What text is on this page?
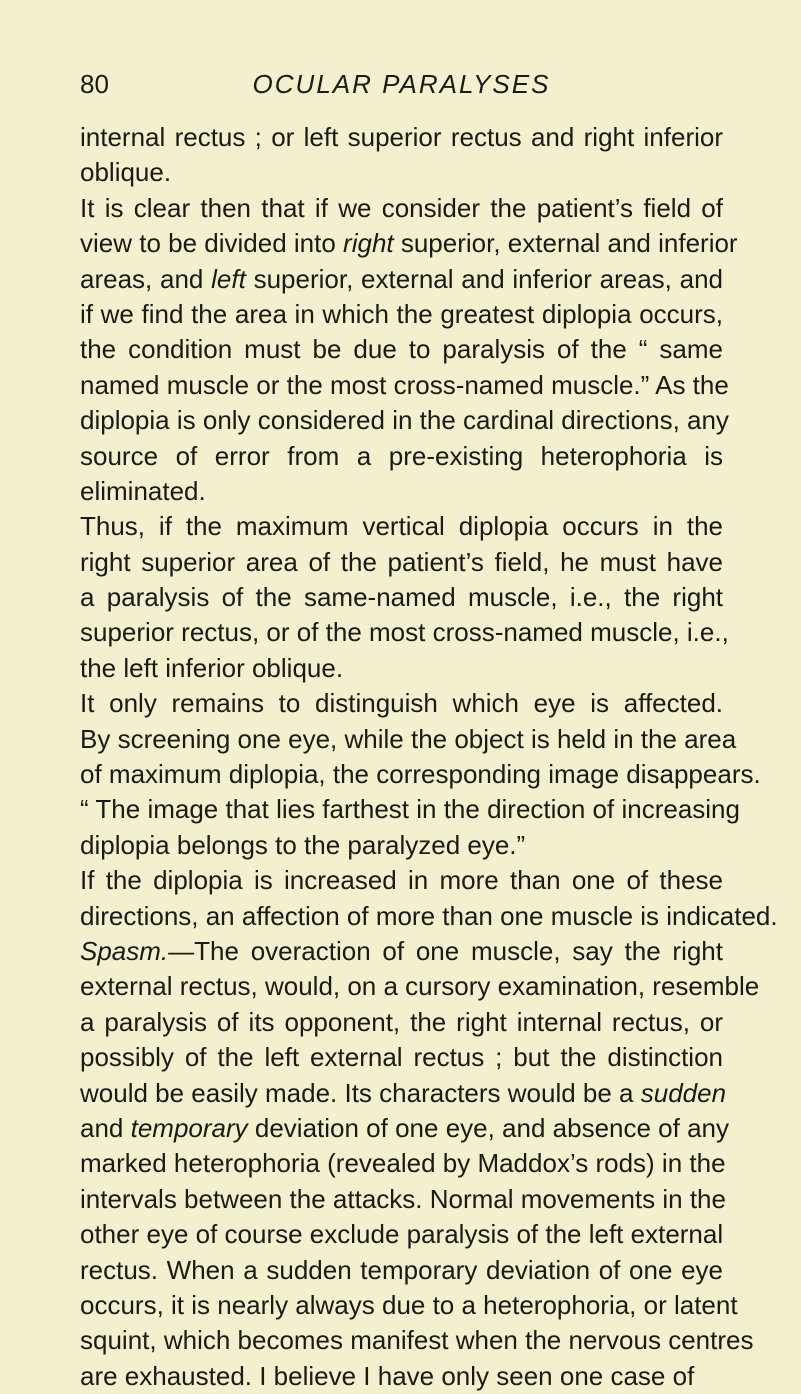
80	OCULAR PARALYSES
internal rectus ; or left superior rectus and right inferior
oblique.
It is clear then that if we consider the patient’s field of
view to be divided into right superior, external and inferior
areas, and left superior, external and inferior areas, and
if we find the area in which the greatest diplopia occurs,
the condition must be due to paralysis of the “ same
named muscle or the most cross-named muscle.” As the
diplopia is only considered in the cardinal directions, any
source of error from a pre-existing heterophoria is
eliminated.
Thus, if the maximum vertical diplopia occurs in the
right superior area of the patient’s field, he must have
a paralysis of the same-named muscle, i.e., the right
superior rectus, or of the most cross-named muscle, i.e.,
the left inferior oblique.
It only remains to distinguish which eye is affected.
By screening one eye, while the object is held in the area
of maximum diplopia, the corresponding image disappears.
“ The image that lies farthest in the direction of increasing
diplopia belongs to the paralyzed eye.”
If the diplopia is increased in more than one of these
directions, an affection of more than one muscle is indicated.
Spasm.—The overaction of one muscle, say the right
external rectus, would, on a cursory examination, resemble
a paralysis of its opponent, the right internal rectus, or
possibly of the left external rectus ; but the distinction
would be easily made. Its characters would be a sudden
and temporary deviation of one eye, and absence of any
marked heterophoria (revealed by Maddox’s rods) in the
intervals between the attacks. Normal movements in the
other eye of course exclude paralysis of the left external
rectus. When a sudden temporary deviation of one eye
occurs, it is nearly always due to a heterophoria, or latent
squint, which becomes manifest when the nervous centres
are exhausted. I believe I have only seen one case of
